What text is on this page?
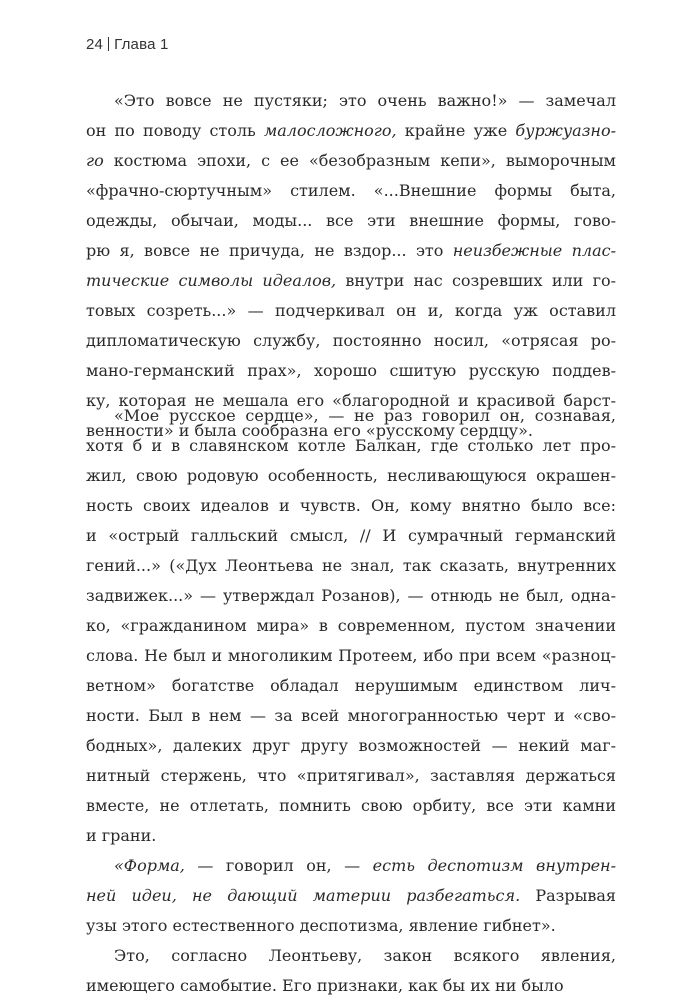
24 Глава 1
«Это вовсе не пустяки; это очень важно!» — замечал
он по поводу столь малосложного, крайне уже буржуазно-
го костюма эпохи, с ее «безобразным кепи», выморочным
«фрачно-сюртучным» стилем. «...Внешние формы быта,
одежды, обычаи, моды... все эти внешние формы, гово-
рю я, вовсе не причуда, не вздор... это неизбежные плас-
тические символы идеалов, внутри нас созревших или го-
товых созреть...» — подчеркивал он и, когда уж оставил
дипломатическую службу, постоянно носил, «отрясая ро-
мано-германский прах», хорошо сшитую русскую поддев-
ку, которая не мешала его «благородной и красивой барст-
венности» и была сообразна его «русскому сердцу».
«Мое русское сердце», — не раз говорил он, сознавая,
хотя б и в славянском котле Балкан, где столько лет про-
жил, свою родовую особенность, несливающуюся окрашен-
ность своих идеалов и чувств. Он, кому внятно было все:
и «острый галльский смысл, // И сумрачный германский
гений...» («Дух Леонтьева не знал, так сказать, внутренних
задвижек...» — утверждал Розанов), — отнюдь не был, одна-
ко, «гражданином мира» в современном, пустом значении
слова. Не был и многоликим Протеем, ибо при всем «разноц-
ветном» богатстве обладал нерушимым единством лич-
ности. Был в нем — за всей многогранностью черт и «сво-
бодных», далеких друг другу возможностей — некий маг-
нитный стержень, что «притягивал», заставляя держаться
вместе, не отлетать, помнить свою орбиту, все эти камни
и грани.
«Форма, — говорил он, — есть деспотизм внутрен-
ней идеи, не дающий материи разбегаться. Разрывая
узы этого естественного деспотизма, явление гибнет».
Это, согласно Леонтьеву, закон всякого явления,
имеющего самобытие. Его признаки, как бы их ни было
